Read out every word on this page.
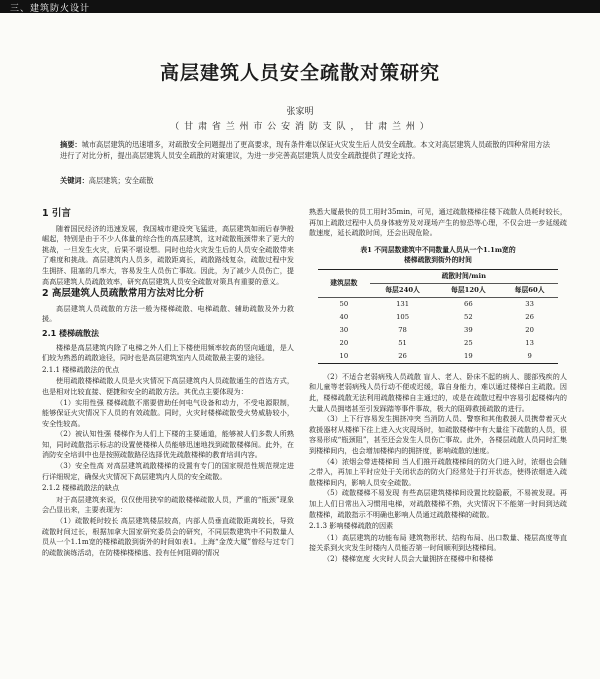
三、建筑防火设计
高层建筑人员安全疏散对策研究
张家明
（ 甘 肃 省 兰 州 市 公 安 消 防 支 队 ， 甘 肃 兰 州 ）
摘要：城市高层建筑的迅速增多，对疏散安全问题提出了更高要求，现有条件难以保证火灾发生后人员安全疏散。本文对高层建筑人员疏散的四种常用方法进行了对比分析，提出高层建筑人员安全疏散的对策建议，为进一步完善高层建筑人员安全疏散提供了理论支持。
关键词：高层建筑；安全疏散
1 引言

随着国民经济的迅速发展，我国城市建设突飞猛进，高层建筑如雨后春笋般崛起，特别是由于不少人体量的综合性的高层建筑，这对疏散瓶颈带来了更大的挑战，一旦发生火灾，后果不堪设想。同时也给火灾发生后的人员安全疏散带来了难度和挑战。高层建筑内人员多，疏散距离长，疏散路线复杂，疏散过程中发生拥挤、阻塞的几率大，容易发生人员伤亡事故。因此，为了减少人员伤亡，提高高层建筑人员疏散效率，研究高层建筑人员安全疏散对策具有重要的意义。

2 高层建筑人员疏散常用方法对比分析

高层建筑人员疏散的方法一般为楼梯疏散、电梯疏散、辅助疏散及外力救援。

2.1 楼梯疏散法

楼梯是高层建筑内除了电梯之外人们上下楼使用频率较高的竖向通道，是人们较为熟悉的疏散途径，同时也是高层建筑室内人员疏散最主要的途径。

2.1.1 楼梯疏散法的优点

使用疏散楼梯疏散人员是火灾情况下高层建筑内人员疏散通生的首选方式，也是相对比较直接、便捷和安全的疏散方法。其优点主要体现为：

（1）实用性强 楼梯疏散不需要借助任何电气设备和动力，不受电源限制，能够保证火灾情况下人员的有效疏散。同时，火灾时楼梯疏散受火势威胁较小，安全性较高。

（2）被认知性强 楼梯作为人们上下楼的主要通道，能够被人们多数人所熟知，同时疏散指示标志的设置使楼梯人员能够迅速地找到疏散楼梯间。此外，在消防安全培训中也是按照疏散路径选择优先疏散楼梯的教育培训内容。

（3）安全性高 对高层建筑疏散楼梯的设置有专门的国家规范性规范规定进行详细规定，确保火灾情况下高层建筑内人员的安全疏散。

2.1.2 楼梯疏散法的缺点

对于高层建筑来说，仅仅使用狭窄的疏散楼梯疏散人员，严重的“瓶颈”现象会凸显出来，主要表现为：

（1）疏散耗时较长 高层建筑楼层较高，内部人员垂直疏散距离较长，导致疏散时间过长，根据加拿大国家研究委员会的研究，不同层数建筑中不同数量人员从一个1.1m宽的楼梯疏散到街外的时间如表1。上海“金茂大厦”曾经与过专门的疏散演练活动，在防楼梯楼梯逃、投有任何阻碍的情况

熟悉大厦最快的员工用时35min，可见，通过疏散楼梯往楼下疏散人员耗时较长，再加上疏散过程中人员身体疲劳及对现场产生的惊恐等心理，不仅会进一步延缓疏散速度，延长疏散时间，还会出现危险。

表1 不同层数建筑中不同数量人员从一个1.1m宽的
楼梯疏散到街外的时间
建筑层数	疏散时间/min		
	每层240人	每层120人	每层60人
50	131	66	33
40	105	52	26
30	78	39	20
20	51	25	13
10	26	19	9

（2）不适合老弱病残人员疏散 盲人、老人、卧床不起的病人、腿部残疾的人和儿童等老弱病残人员行动不便或迟缓，靠自身能力，难以通过楼梯自主疏散。因此，楼梯疏散无法利用疏散楼梯自主通过的，或是在疏散过程中容易引起楼梯内的大量人员拥堵甚至引发踩踏等事件事故，极大的阻碍救援疏散的进行。

（3）上下行容易发生拥挤冲突 当消防人员、警察和其他救援人员携带着灭火救援器材从楼梯下往上进入火灾现场时，如疏散楼梯中有大量往下疏散的人员，很容易形成“瓶颈阻”，甚至还会发生人员伤亡事故。此外，各楼层疏散人员同时汇集到楼梯间内，也会增加楼梯内的拥挤度，影响疏散的速度。

（4）浓烟会带进楼梯间 当人们推开疏散楼梯间的防火门进入时，浓烟也会随之带入，再加上平时应处于关闭状态的防火门经常处于打开状态，使得浓烟进入疏散楼梯间内，影响人员安全疏散。

（5）疏散楼梯不易发现 有些高层建筑楼梯间设置比较隐蔽，不易被发现。再加上人们日常出入习惯用电梯，对疏散楼梯不熟，火灾情况下不能第一时间到达疏散楼梯，疏散指示不明确也影响人员通过疏散楼梯的疏散。

2.1.3 影响楼梯疏散的因素

（1）高层建筑的功能布局 建筑物形状、结构布局、出口数量、楼层高度等直接关系到火灾发生时楼内人员能否第一时间顺利到达楼梯间。

（2）楼梯宽度 火灾时人员会大量拥挤在楼梯中和楼梯
